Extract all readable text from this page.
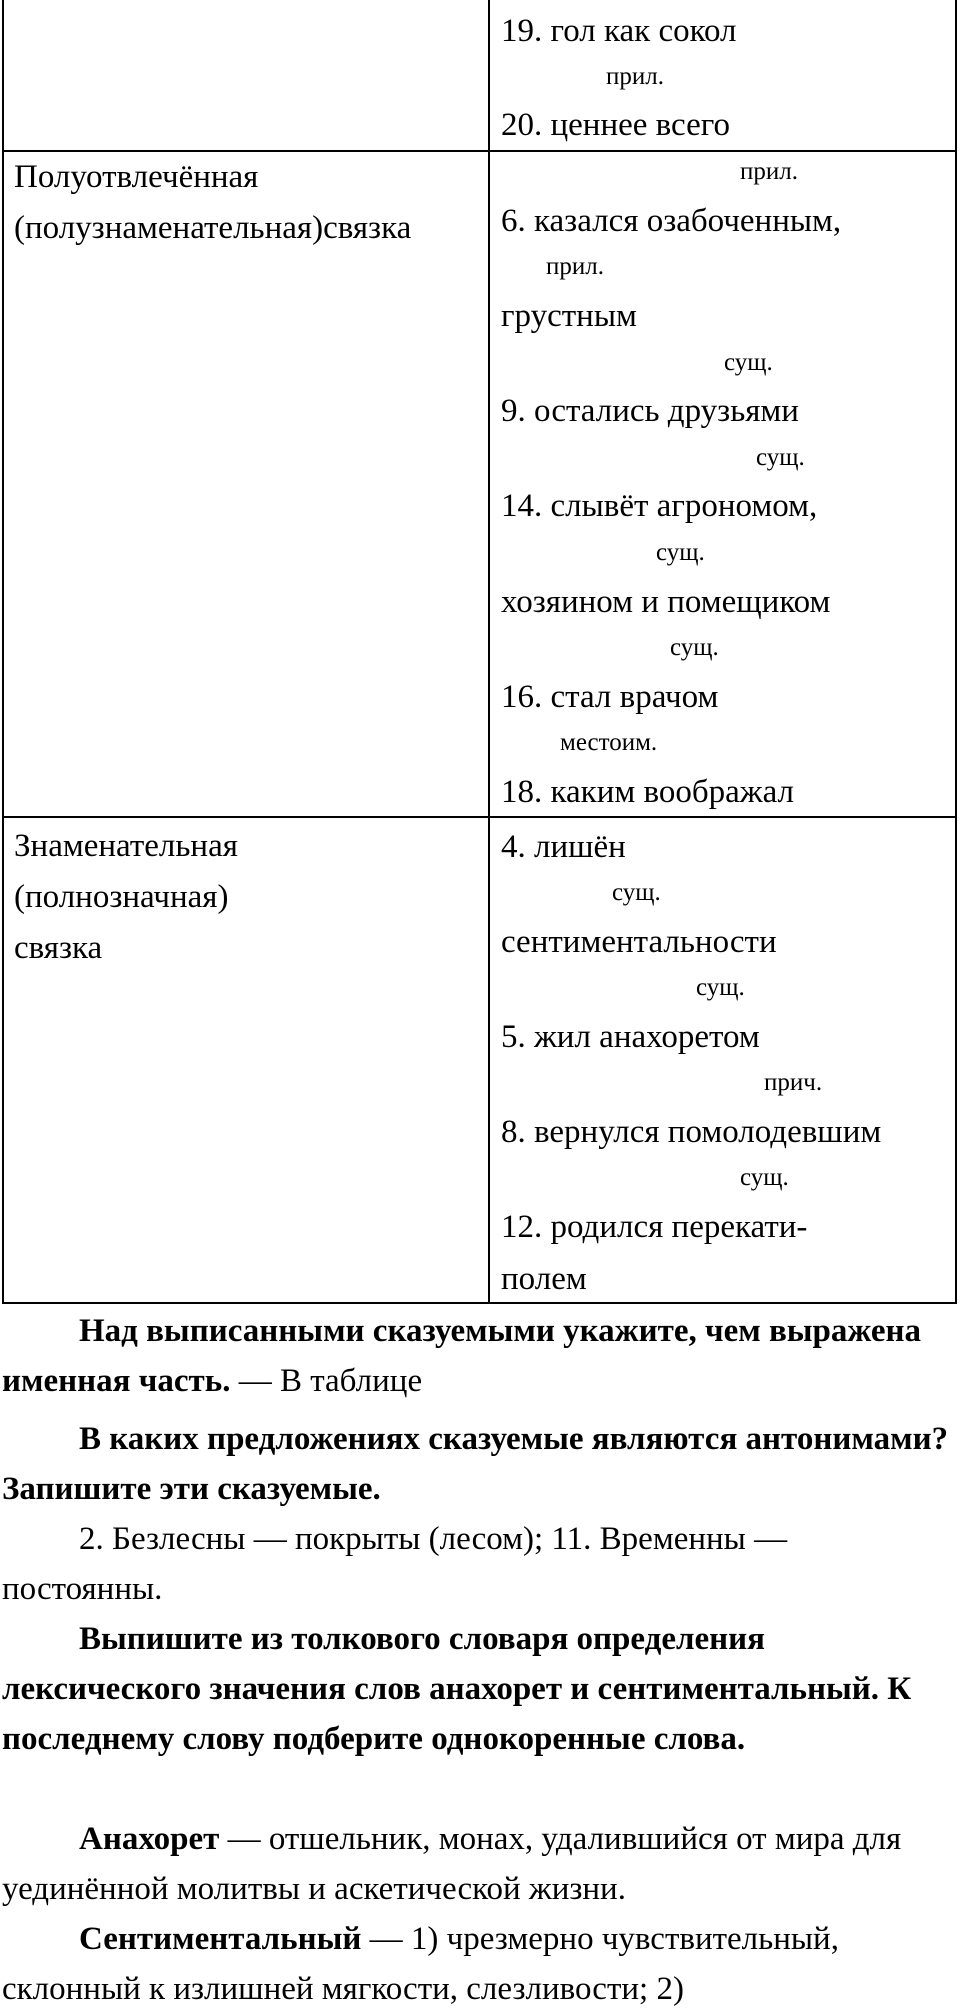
19. гол как сокол
прил.
20. ценнее всего
Полуотвлечённая
(полузнаменательная)связка
прил.
6. казался озабоченным,
прил.
грустным
сущ.
9. остались друзьями
сущ.
14. слывёт агрономом,
сущ.
хозяином и помещиком
сущ.
16. стал врачом
местоим.
18. каким воображал
Знаменательная
(полнозначная)
связка
4. лишён
сущ.
сентиментальности
сущ.
5. жил анахоретом
прич.
8. вернулся помолодевшим
сущ.
12. родился перекати-
полем

Над выписанными сказуемыми укажите, чем выражена именная часть. — В таблице

В каких предложениях сказуемые являются антонимами? Запишите эти сказуемые.

2. Безлесны — покрыты (лесом); 11. Временны — постоянны.

Выпишите из толкового словаря определения лексического значения слов анахорет и сентиментальный. К последнему слову подберите однокоренные слова.

Анахорет — отшельник, монах, удалившийся от мира для уединённой молитвы и аскетической жизни.

Сентиментальный — 1) чрезмерно чувствительный, склонный к излишней мягкости, слезливости; 2)
